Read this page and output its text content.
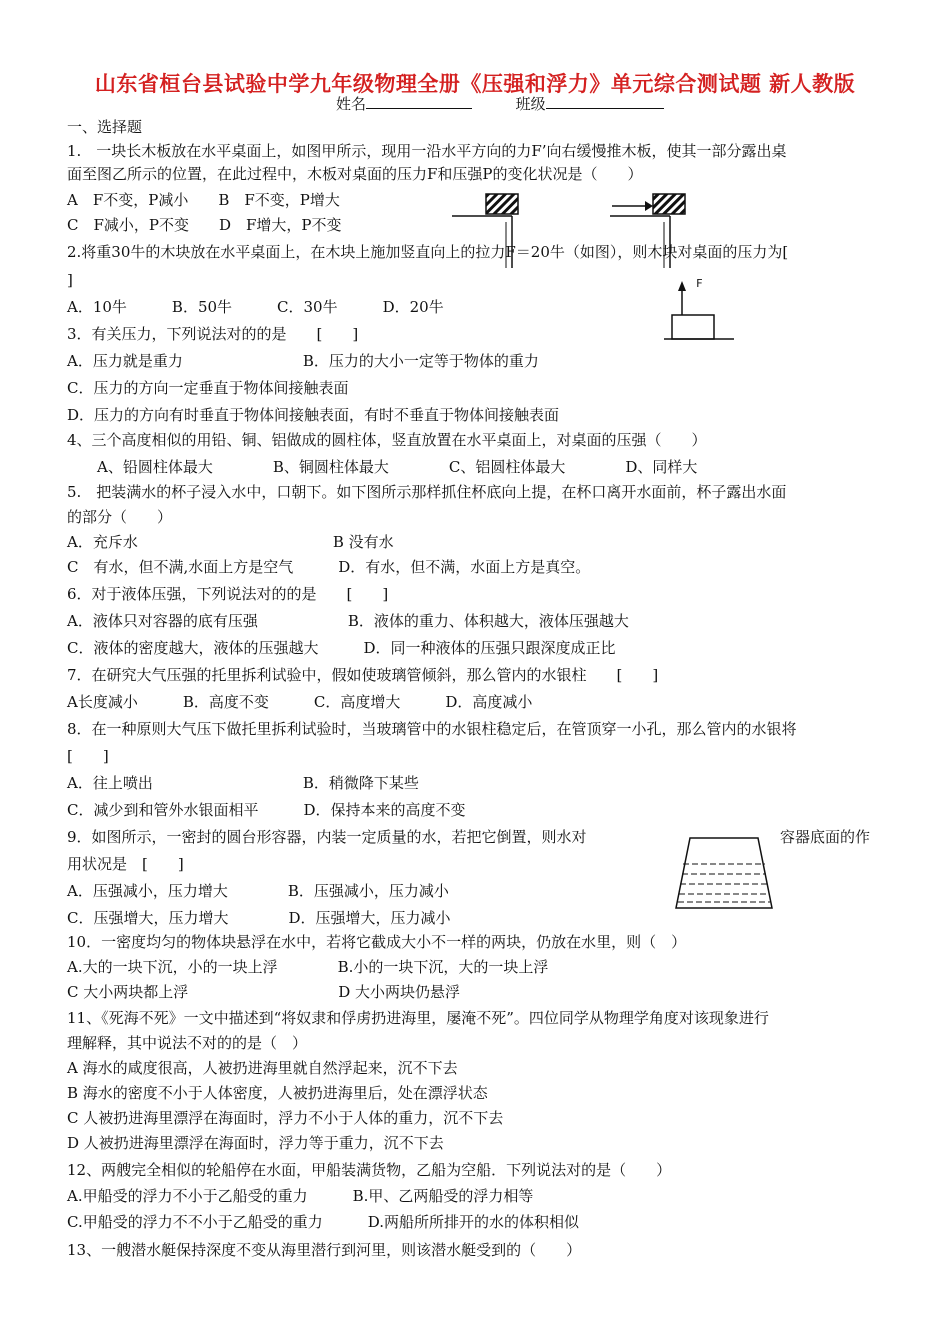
山东省桓台县试验中学九年级物理全册《压强和浮力》单元综合测试题 新人教版
姓名	班级
一、选择题
1.　一块长木板放在水平桌面上，如图甲所示，现用一沿水平方向的力F’向右缓慢推木板，使其一部分露出桌
面至图乙所示的位置，在此过程中，木板对桌面的压力F和压强P的变化状况是（　　）
A　F不变，P减小　　B　F不变，P增大
C　F减小，P不变　　D　F增大，P不变
2.将重30牛的木块放在水平桌面上，在木块上施加竖直向上的拉力F＝20牛（如图），则木块对桌面的压力为[
]
A．10牛　　　B．50牛　　　C．30牛　　　D．20牛
3．有关压力，下列说法对的的是　　[　　]
A．压力就是重力　　　　　　　　B．压力的大小一定等于物体的重力
C．压力的方向一定垂直于物体间接触表面
D．压力的方向有时垂直于物体间接触表面，有时不垂直于物体间接触表面
4、三个高度相似的用铅、铜、铝做成的圆柱体，竖直放置在水平桌面上，对桌面的压强（　　）
　　A、铅圆柱体最大　　　　B、铜圆柱体最大　　　　C、铝圆柱体最大　　　　D、同样大
5.　把装满水的杯子浸入水中，口朝下。如下图所示那样抓住杯底向上提，在杯口离开水面前，杯子露出水面
的部分（　　）
A．充斥水　　　　　　　　　　　　　B 没有水
C　有水，但不满,水面上方是空气　　　D．有水，但不满，水面上方是真空。
6．对于液体压强，下列说法对的的是　　[　　]
A．液体只对容器的底有压强　　　　　　B．液体的重力、体积越大，液体压强越大
C．液体的密度越大，液体的压强越大　　　D．同一种液体的压强只跟深度成正比
7．在研究大气压强的托里拆利试验中，假如使玻璃管倾斜，那么管内的水银柱　　[　　]
A长度减小　　　B．高度不变　　　C．高度增大　　　D．高度减小
8．在一种原则大气压下做托里拆利试验时，当玻璃管中的水银柱稳定后，在管顶穿一小孔，那么管内的水银将
[　　]
A．往上喷出　　　　　　　　　　B．稍微降下某些
C．减少到和管外水银面相平　　　D．保持本来的高度不变
9．如图所示，一密封的圆台形容器，内装一定质量的水，若把它倒置，则水对	容器底面的作
用状况是　[　　]
A．压强减小，压力增大　　　　B．压强减小，压力减小
C．压强增大，压力增大　　　　D．压强增大，压力减小
10．一密度均匀的物体块悬浮在水中，若将它截成大小不一样的两块，仍放在水里，则（　）
A.大的一块下沉，小的一块上浮　　　　B.小的一块下沉，大的一块上浮
C 大小两块都上浮　　　　　　　　　　D 大小两块仍悬浮
11、《死海不死》一文中描述到“将奴隶和俘虏扔进海里，屡淹不死”。四位同学从物理学角度对该现象进行
理解释，其中说法不对的的是（　）
A 海水的咸度很高，人被扔进海里就自然浮起来，沉不下去
B 海水的密度不小于人体密度，人被扔进海里后，处在漂浮状态
C 人被扔进海里漂浮在海面时，浮力不小于人体的重力，沉不下去
D 人被扔进海里漂浮在海面时，浮力等于重力，沉不下去
12、两艘完全相似的轮船停在水面，甲船装满货物，乙船为空船．下列说法对的是（　　）
A.甲船受的浮力不小于乙船受的重力　　　B.甲、乙两船受的浮力相等
C.甲船受的浮力不不小于乙船受的重力　　　D.两船所所排开的水的体积相似
13、一艘潜水艇保持深度不变从海里潜行到河里，则该潜水艇受到的（　　）
F
